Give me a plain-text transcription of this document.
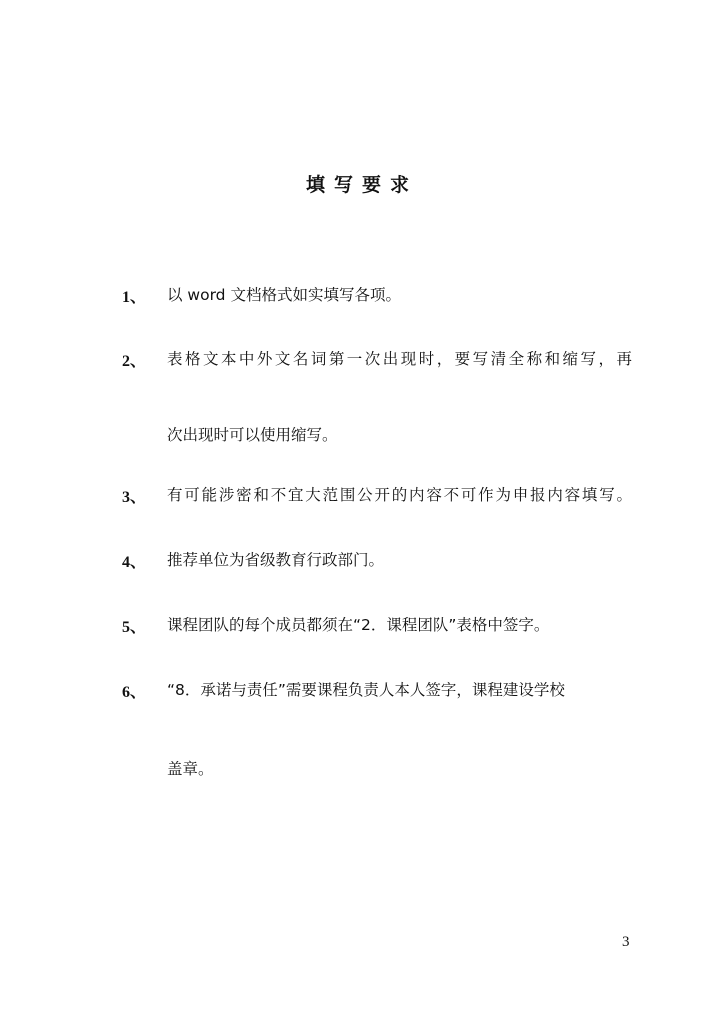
填写要求
1、 以 word 文档格式如实填写各项。
2、 表格文本中外文名词第一次出现时，要写清全称和缩写，再
次出现时可以使用缩写。
3、 有可能涉密和不宜大范围公开的内容不可作为申报内容填写。
4、 推荐单位为省级教育行政部门。
5、 课程团队的每个成员都须在“2．课程团队”表格中签字。
6、 “8．承诺与责任”需要课程负责人本人签字，课程建设学校
盖章。
3
